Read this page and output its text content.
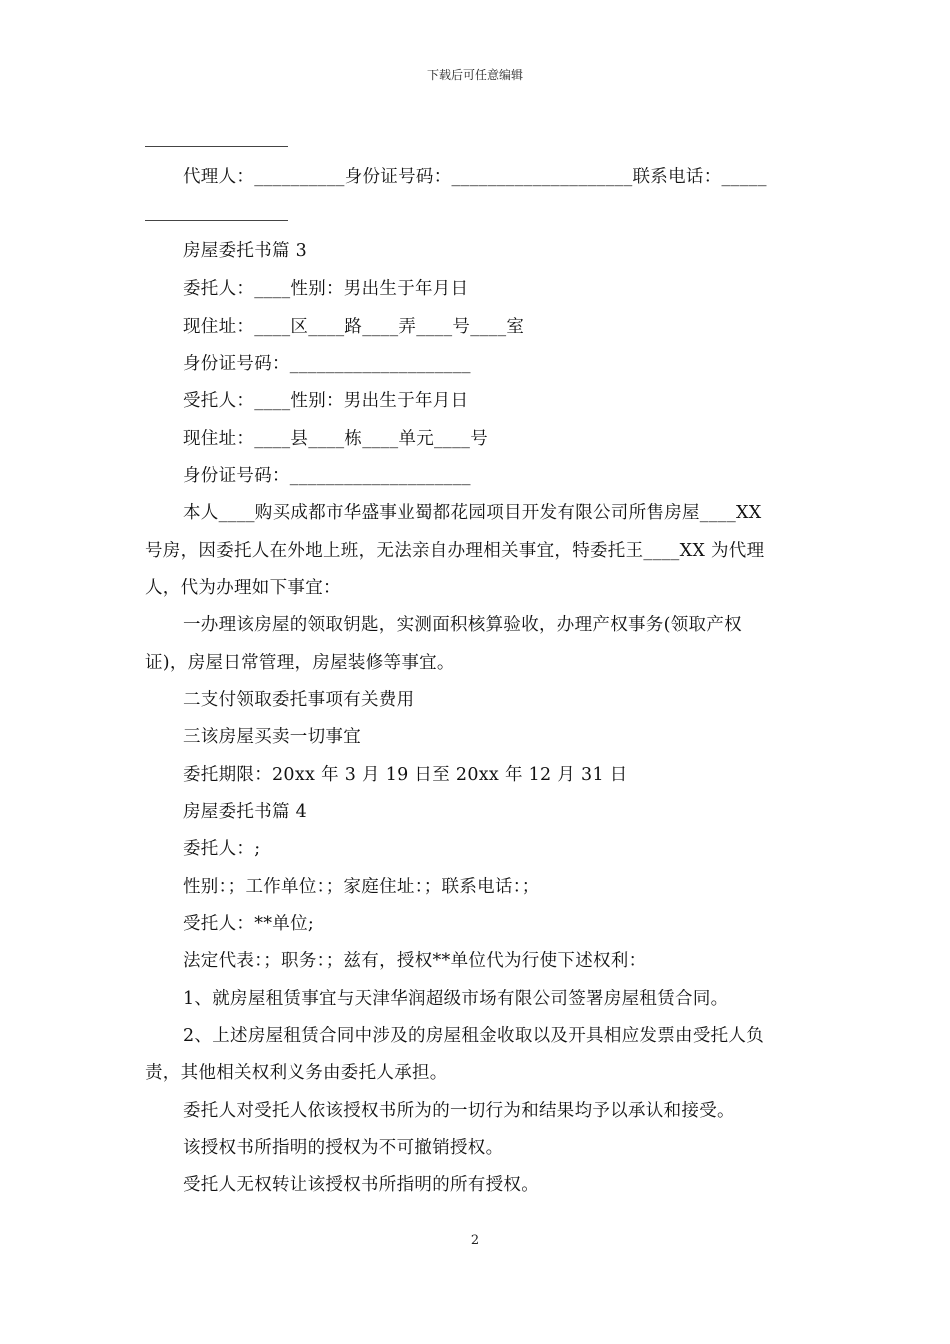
下载后可任意编辑

代理人：__________身份证号码：____________________联系电话：_____

房屋委托书篇 3

委托人：____性别：男出生于年月日

现住址：____区____路____弄____号____室

身份证号码：____________________

受托人：____性别：男出生于年月日

现住址：____县____栋____单元____号

身份证号码：____________________

本人____购买成都市华盛事业蜀都花园项目开发有限公司所售房屋____XX

号房，因委托人在外地上班，无法亲自办理相关事宜，特委托王____XX 为代理

人，代为办理如下事宜：

一办理该房屋的领取钥匙，实测面积核算验收，办理产权事务(领取产权

证)，房屋日常管理，房屋装修等事宜。

二支付领取委托事项有关费用

三该房屋买卖一切事宜

委托期限：20xx 年 3 月 19 日至 20xx 年 12 月 31 日

房屋委托书篇 4

委托人：;

性别：；工作单位：；家庭住址：；联系电话：；

受托人：**单位;

法定代表：；职务：；兹有，授权**单位代为行使下述权利：

1、就房屋租赁事宜与天津华润超级市场有限公司签署房屋租赁合同。

2、上述房屋租赁合同中涉及的房屋租金收取以及开具相应发票由受托人负

责，其他相关权利义务由委托人承担。

委托人对受托人依该授权书所为的一切行为和结果均予以承认和接受。

该授权书所指明的授权为不可撤销授权。

受托人无权转让该授权书所指明的所有授权。

2
